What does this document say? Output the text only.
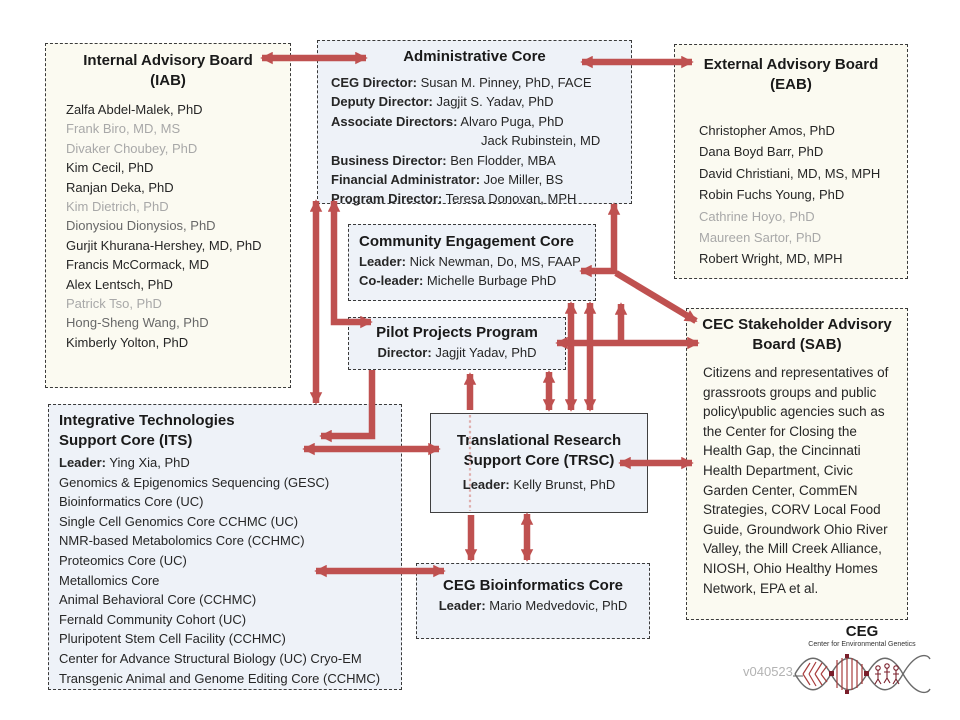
Internal Advisory Board
(IAB)
Zalfa Abdel-Malek, PhD
Frank Biro, MD, MS
Divaker Choubey, PhD
Kim Cecil, PhD
Ranjan Deka, PhD
Kim Dietrich, PhD
Dionysiou Dionysios, PhD
Gurjit Khurana-Hershey, MD, PhD
Francis McCormack, MD
Alex Lentsch, PhD
Patrick Tso, PhD
Hong-Sheng Wang, PhD
Kimberly Yolton, PhD
Administrative Core
CEG Director: Susan M. Pinney, PhD, FACE
Deputy Director: Jagjit S. Yadav, PhD
Associate Directors: Alvaro Puga, PhD
Jack Rubinstein, MD
Business Director: Ben Flodder, MBA
Financial Administrator: Joe Miller, BS
Program Director: Teresa Donovan, MPH
External Advisory Board
(EAB)
Christopher Amos, PhD
Dana Boyd Barr, PhD
David Christiani, MD, MS, MPH
Robin Fuchs Young, PhD
Cathrine Hoyo, PhD
Maureen Sartor, PhD
Robert Wright, MD, MPH
Community Engagement Core
Leader: Nick Newman, Do, MS, FAAP
Co-leader: Michelle Burbage PhD
Pilot Projects Program
Director: Jagjit Yadav, PhD
CEC Stakeholder Advisory
Board (SAB)
Citizens and representatives of grassroots groups and public policy\public agencies such as the Center for Closing the Health Gap, the Cincinnati Health Department, Civic Garden Center, CommEN Strategies, CORV Local Food Guide, Groundwork Ohio River Valley, the Mill Creek Alliance, NIOSH, Ohio Healthy Homes Network, EPA et al.
Integrative Technologies
Support Core (ITS)
Leader: Ying Xia, PhD
Genomics & Epigenomics Sequencing (GESC)
Bioinformatics Core (UC)
Single Cell Genomics Core CCHMC (UC)
NMR-based Metabolomics Core (CCHMC)
Proteomics Core (UC)
Metallomics Core
Animal Behavioral Core (CCHMC)
Fernald Community Cohort (UC)
Pluripotent Stem Cell Facility (CCHMC)
Center for Advance Structural Biology (UC) Cryo-EM
Transgenic Animal and Genome Editing Core (CCHMC)
Translational Research
Support Core (TRSC)
Leader: Kelly Brunst, PhD
CEG Bioinformatics Core
Leader: Mario Medvedovic, PhD
v040523
CEG
Center for Environmental Genetics
